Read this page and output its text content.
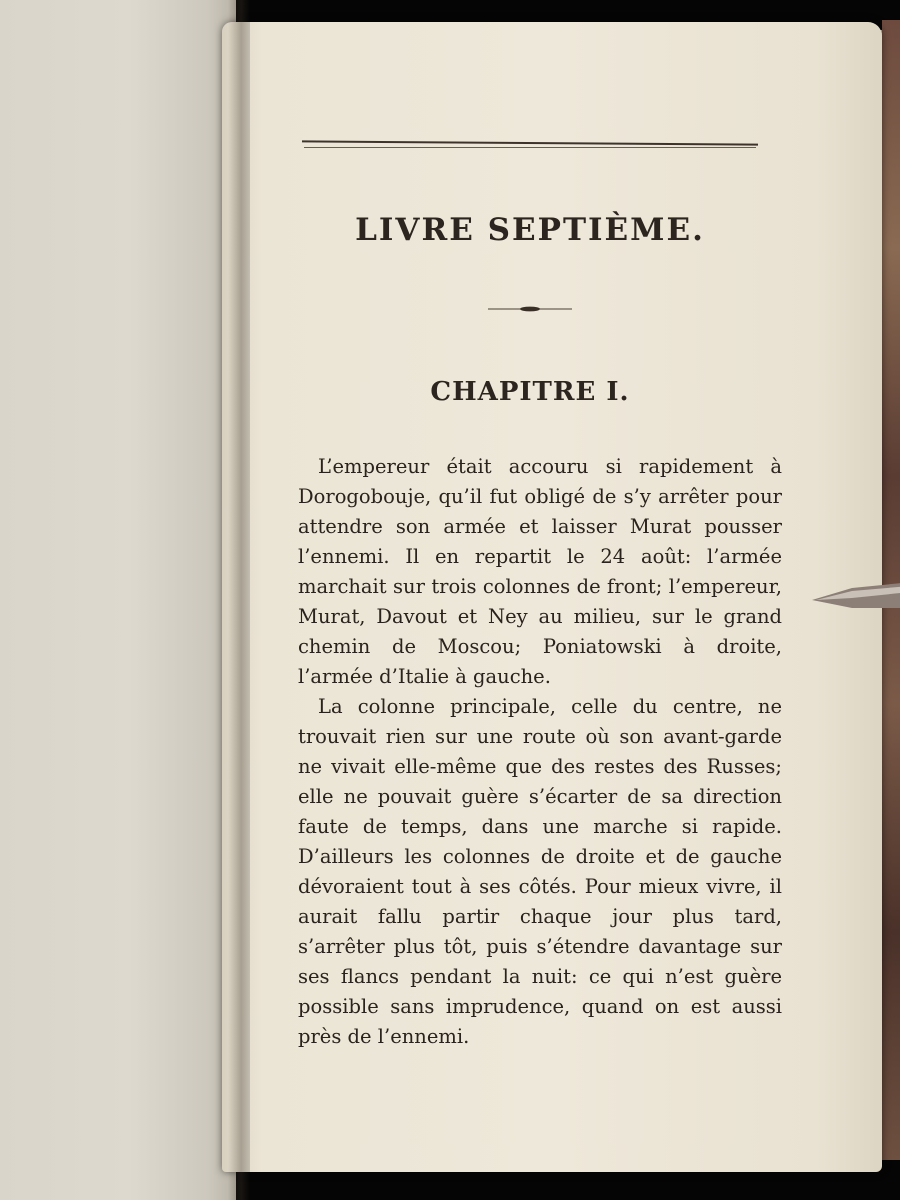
LIVRE SEPTIÈME.
CHAPITRE I.

L’empereur était accouru si rapidement à Dorogobouje, qu’il fut obligé de s’y arrêter pour attendre son armée et laisser Murat pousser l’ennemi. Il en repartit le 24 août: l’armée marchait sur trois colonnes de front; l’empereur, Murat, Davout et Ney au milieu, sur le grand chemin de Moscou; Poniatowski à droite, l’armée d’Italie à gauche.

La colonne principale, celle du centre, ne trouvait rien sur une route où son avant-garde ne vivait elle-même que des restes des Russes; elle ne pouvait guère s’écarter de sa direction faute de temps, dans une marche si rapide. D’ailleurs les colonnes de droite et de gauche dévoraient tout à ses côtés. Pour mieux vivre, il aurait fallu partir chaque jour plus tard, s’arrêter plus tôt, puis s’étendre davantage sur ses flancs pendant la nuit: ce qui n’est guère possible sans imprudence, quand on est aussi près de l’ennemi.
